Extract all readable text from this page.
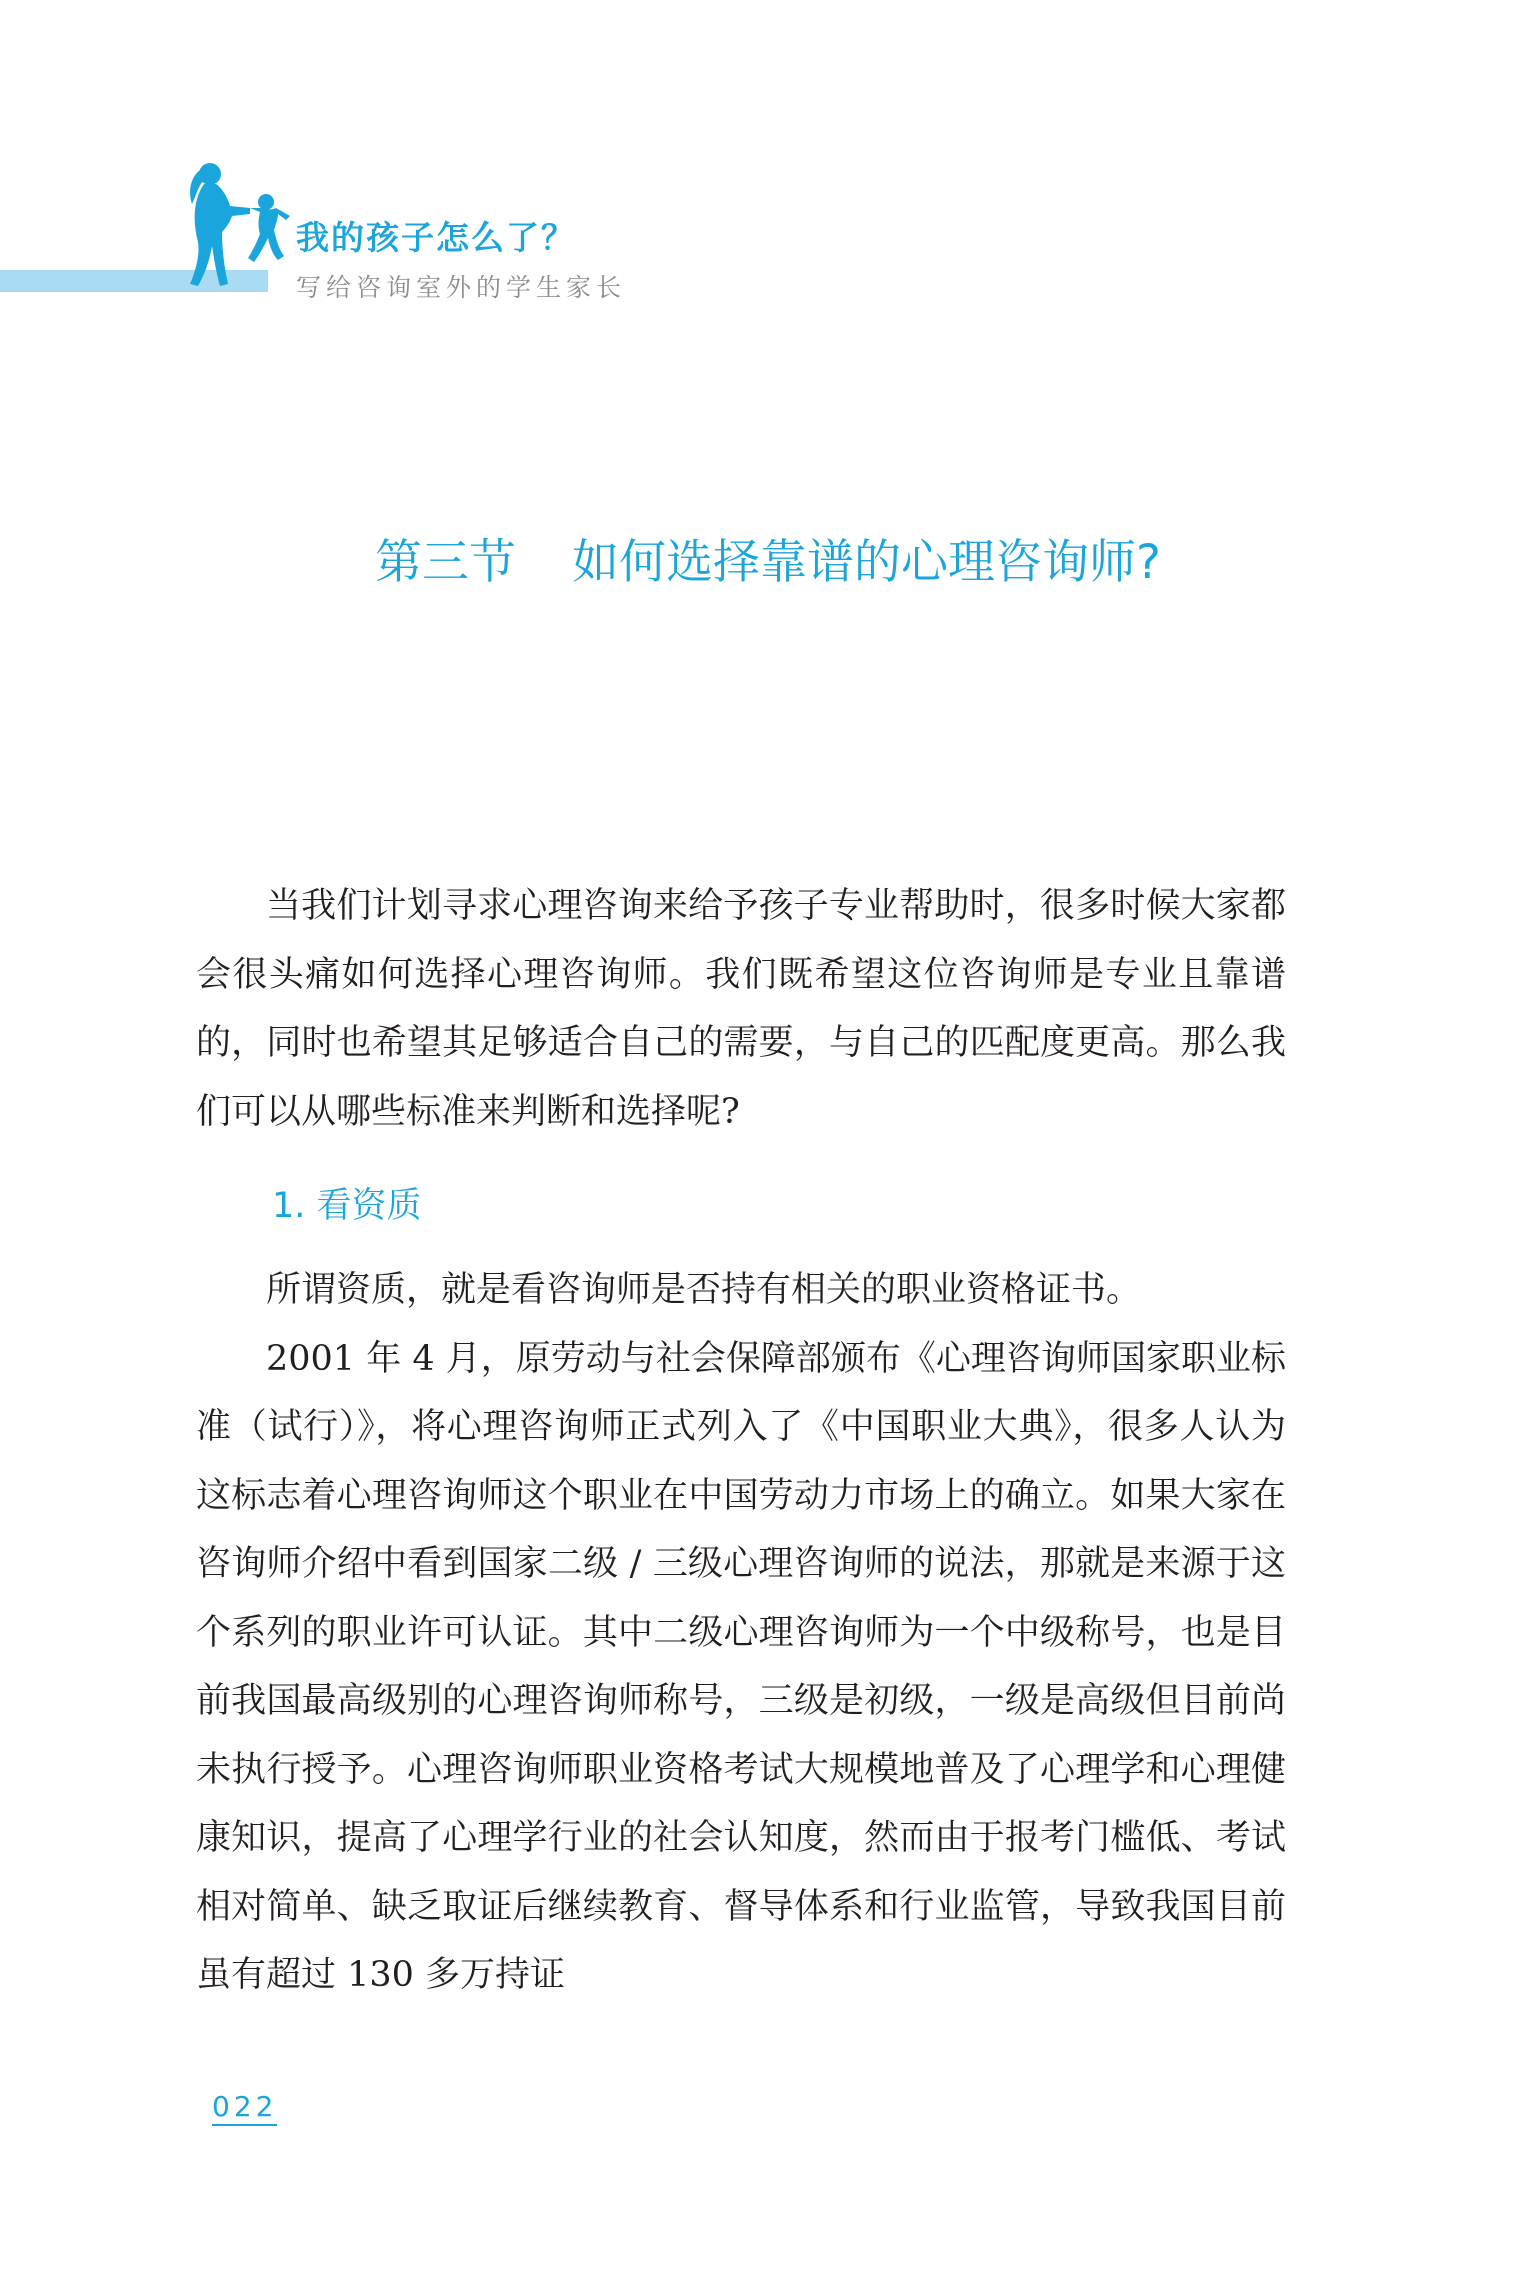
我的孩子怎么了？
写给咨询室外的学生家长
第三节 如何选择靠谱的心理咨询师?

当我们计划寻求心理咨询来给予孩子专业帮助时，很多时候大家都会很头痛如何选择心理咨询师。我们既希望这位咨询师是专业且靠谱的，同时也希望其足够适合自己的需要，与自己的匹配度更高。那么我们可以从哪些标准来判断和选择呢?

1. 看资质

所谓资质，就是看咨询师是否持有相关的职业资格证书。

2001 年 4 月，原劳动与社会保障部颁布《心理咨询师国家职业标准（试行）》，将心理咨询师正式列入了《中国职业大典》，很多人认为这标志着心理咨询师这个职业在中国劳动力市场上的确立。如果大家在咨询师介绍中看到国家二级 / 三级心理咨询师的说法，那就是来源于这个系列的职业许可认证。其中二级心理咨询师为一个中级称号，也是目前我国最高级别的心理咨询师称号，三级是初级，一级是高级但目前尚未执行授予。心理咨询师职业资格考试大规模地普及了心理学和心理健康知识，提高了心理学行业的社会认知度，然而由于报考门槛低、考试相对简单、缺乏取证后继续教育、督导体系和行业监管，导致我国目前虽有超过 130 多万持证

022
